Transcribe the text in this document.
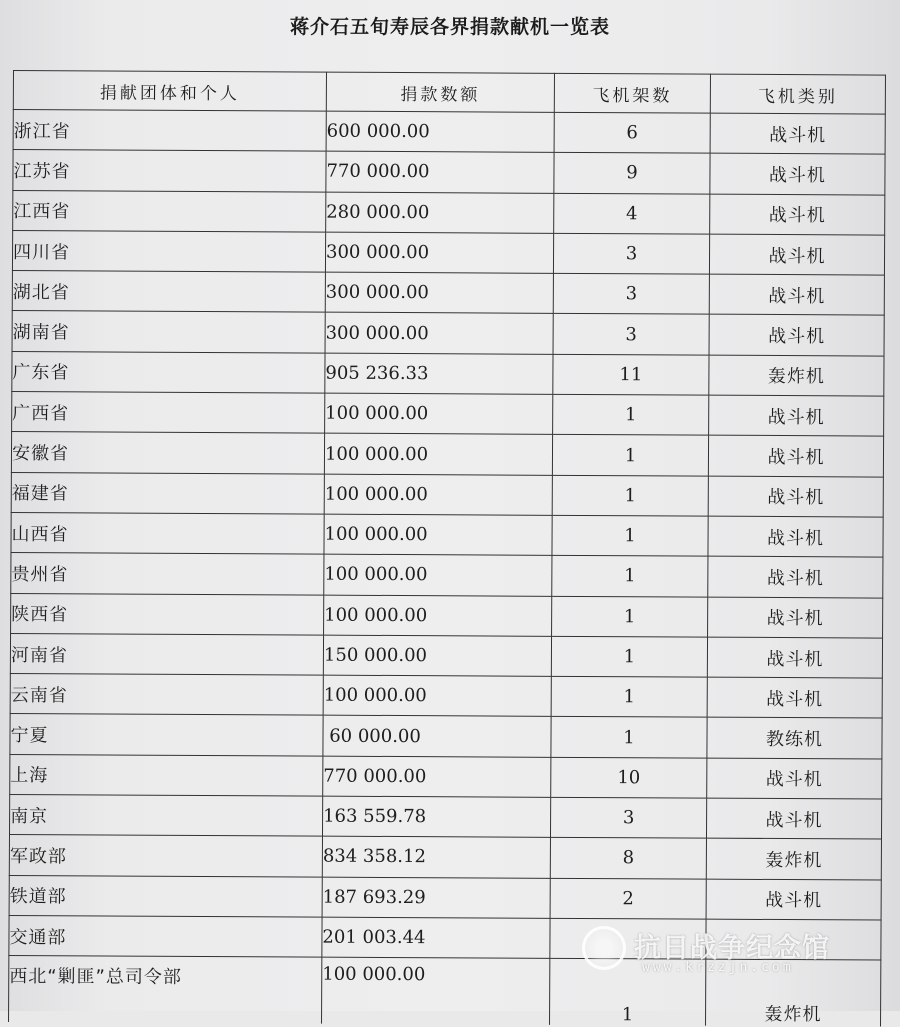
蒋介石五旬寿辰各界捐款献机一览表
捐献团体和个人	捐款数额	飞机架数	飞机类别
浙江省	600 000.00	6	战斗机
江苏省	770 000.00	9	战斗机
江西省	280 000.00	4	战斗机
四川省	300 000.00	3	战斗机
湖北省	300 000.00	3	战斗机
湖南省	300 000.00	3	战斗机
广东省	905 236.33	11	轰炸机
广西省	100 000.00	1	战斗机
安徽省	100 000.00	1	战斗机
福建省	100 000.00	1	战斗机
山西省	100 000.00	1	战斗机
贵州省	100 000.00	1	战斗机
陕西省	100 000.00	1	战斗机
河南省	150 000.00	1	战斗机
云南省	100 000.00	1	战斗机
宁夏	60 000.00	1	教练机
上海	770 000.00	10	战斗机
南京	163 559.78	3	战斗机
军政部	834 358.12	8	轰炸机
铁道部	187 693.29	2	战斗机
交通部	201 003.44		
西北“剿匪”总司令部	100 000.00	1	轰炸机
抗日战争纪念馆
www.krzzjn.com
